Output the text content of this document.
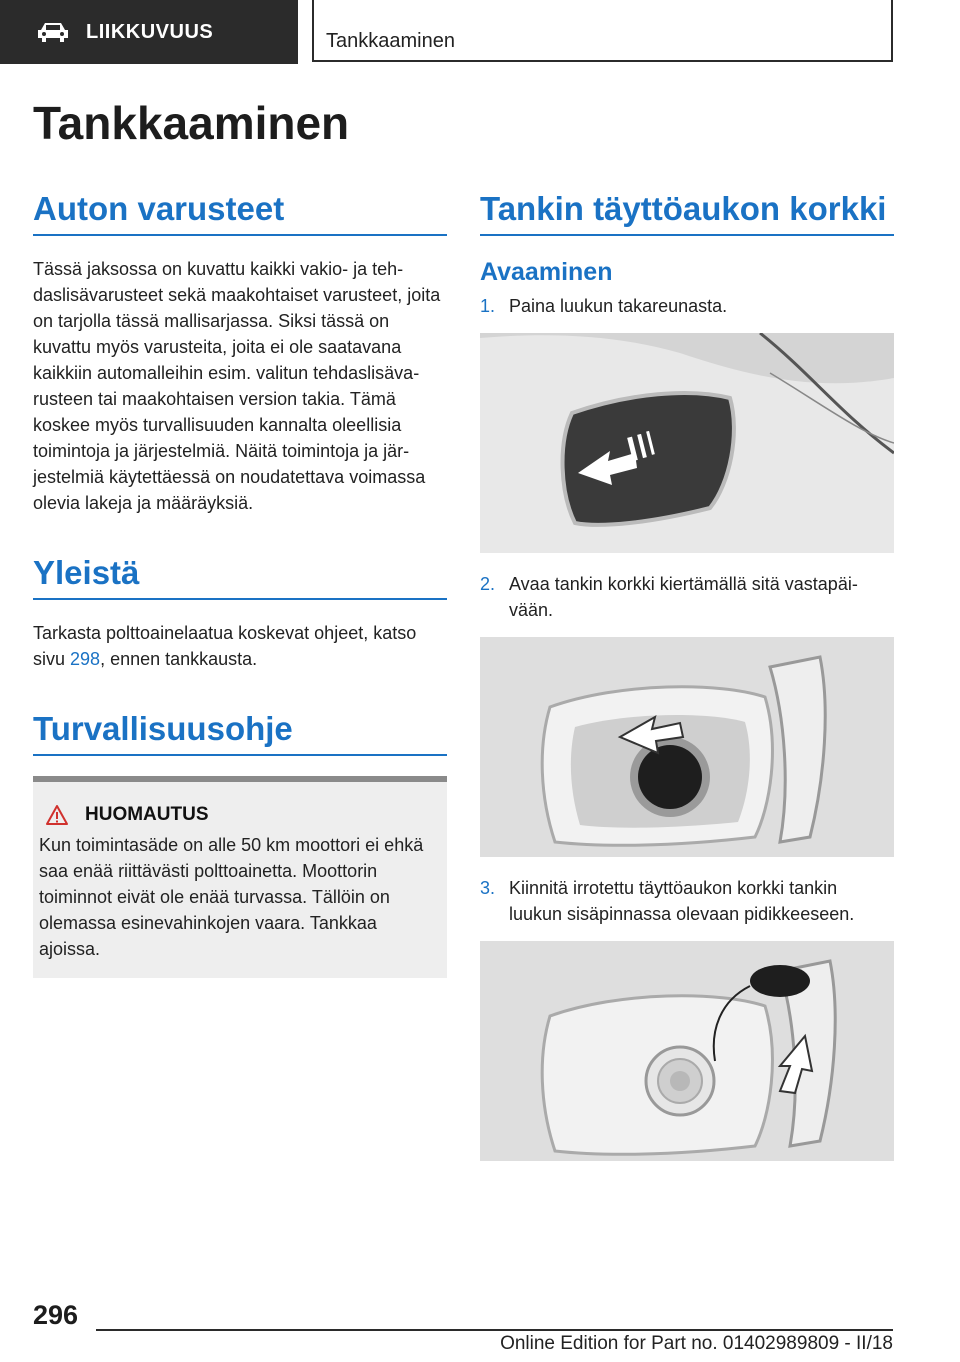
LIIKKUVUUS	Tankkaaminen
Tankkaaminen
Auton varusteet

Tässä jaksossa on kuvattu kaikki vakio- ja tehdaslisävarusteet sekä maakohtaiset varusteet, joita on tarjolla tässä mallisarjassa. Siksi tässä on kuvattu myös varusteita, joita ei ole saatavana kaikkiin automalleihin esim. valitun tehdaslisävarusteen tai maakohtaisen version takia. Tämä koskee myös turvallisuuden kannalta oleellisia toimintoja ja järjestelmiä. Näitä toimintoja ja järjestelmiä käytettäessä on noudatettava voimassa olevia lakeja ja määräyksiä.

Yleistä

Tarkasta polttoainelaatua koskevat ohjeet, katso sivu 298, ennen tankkausta.

Turvallisuusohje
HUOMAUTUS

Kun toimintasäde on alle 50 km moottori ei ehkä saa enää riittävästi polttoainetta. Moottorin toiminnot eivät ole enää turvassa. Tällöin on olemassa esinevahinkojen vaara. Tankkaa ajoissa.

Tankin täyttöaukon korkki
Avaaminen
1. Paina luukun takareunasta.
2. Avaa tankin korkki kiertämällä sitä vastapäivään.
3. Kiinnitä irrotettu täyttöaukon korkki tankin luukun sisäpinnassa olevaan pidikkeeseen.
296
Online Edition for Part no. 01402989809 - II/18
